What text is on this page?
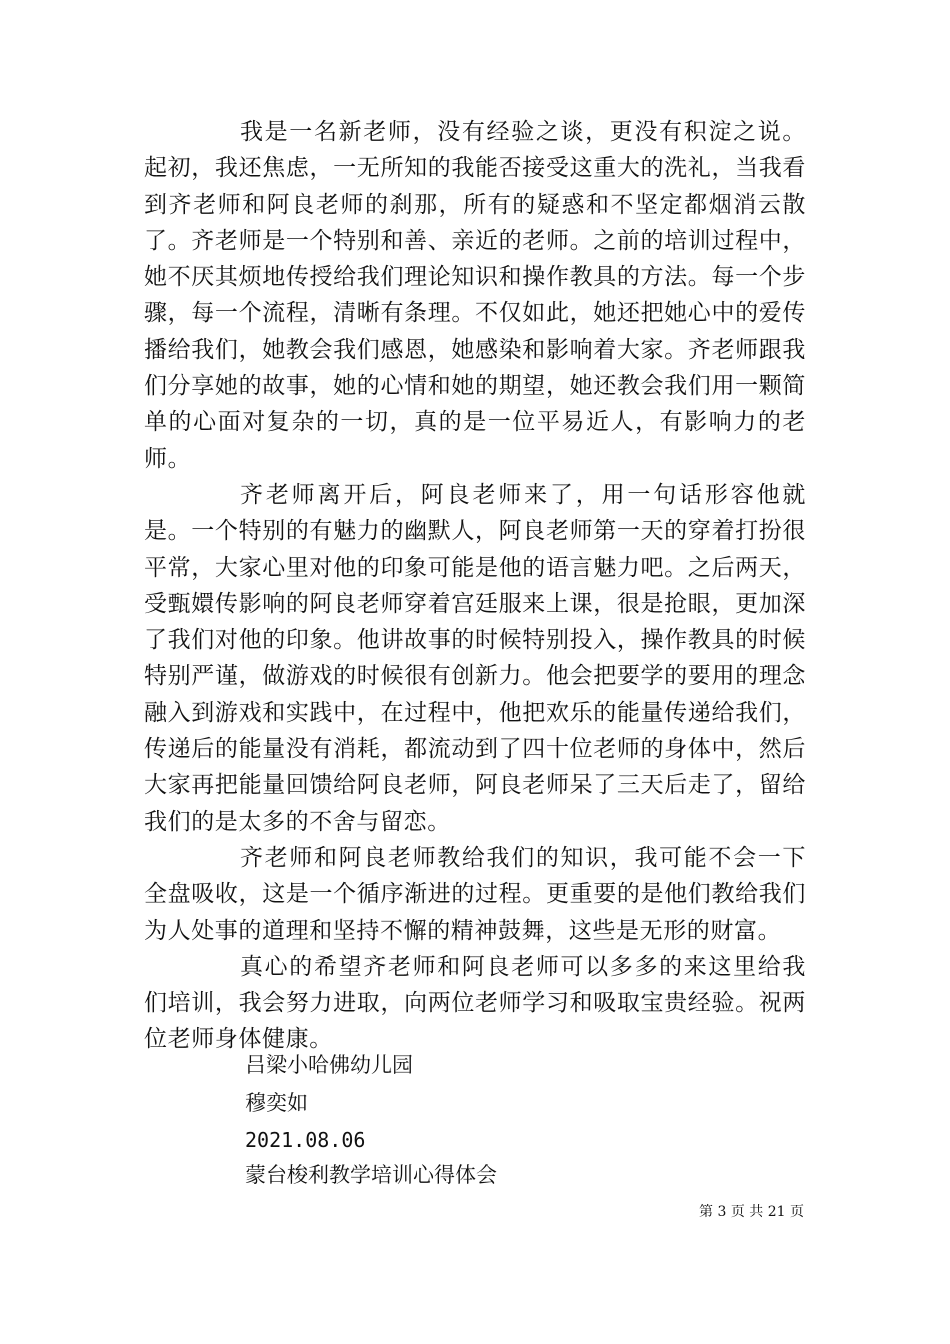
我是一名新老师，没有经验之谈，更没有积淀之说。起初，我还焦虑，一无所知的我能否接受这重大的洗礼，当我看到齐老师和阿良老师的刹那，所有的疑惑和不坚定都烟消云散了。齐老师是一个特别和善、亲近的老师。之前的培训过程中，她不厌其烦地传授给我们理论知识和操作教具的方法。每一个步骤，每一个流程，清晰有条理。不仅如此，她还把她心中的爱传播给我们，她教会我们感恩，她感染和影响着大家。齐老师跟我们分享她的故事，她的心情和她的期望，她还教会我们用一颗简单的心面对复杂的一切，真的是一位平易近人，有影响力的老师。

齐老师离开后，阿良老师来了，用一句话形容他就是。一个特别的有魅力的幽默人，阿良老师第一天的穿着打扮很平常，大家心里对他的印象可能是他的语言魅力吧。之后两天，受甄嬛传影响的阿良老师穿着宫廷服来上课，很是抢眼，更加深了我们对他的印象。他讲故事的时候特别投入，操作教具的时候特别严谨，做游戏的时候很有创新力。他会把要学的要用的理念融入到游戏和实践中，在过程中，他把欢乐的能量传递给我们，传递后的能量没有消耗，都流动到了四十位老师的身体中，然后大家再把能量回馈给阿良老师，阿良老师呆了三天后走了，留给我们的是太多的不舍与留恋。

齐老师和阿良老师教给我们的知识，我可能不会一下全盘吸收，这是一个循序渐进的过程。更重要的是他们教给我们为人处事的道理和坚持不懈的精神鼓舞，这些是无形的财富。

真心的希望齐老师和阿良老师可以多多的来这里给我们培训，我会努力进取，向两位老师学习和吸取宝贵经验。祝两位老师身体健康。

吕梁小哈佛幼儿园
穆奕如
2021.08.06
蒙台梭利教学培训心得体会
第 3 页 共 21 页
